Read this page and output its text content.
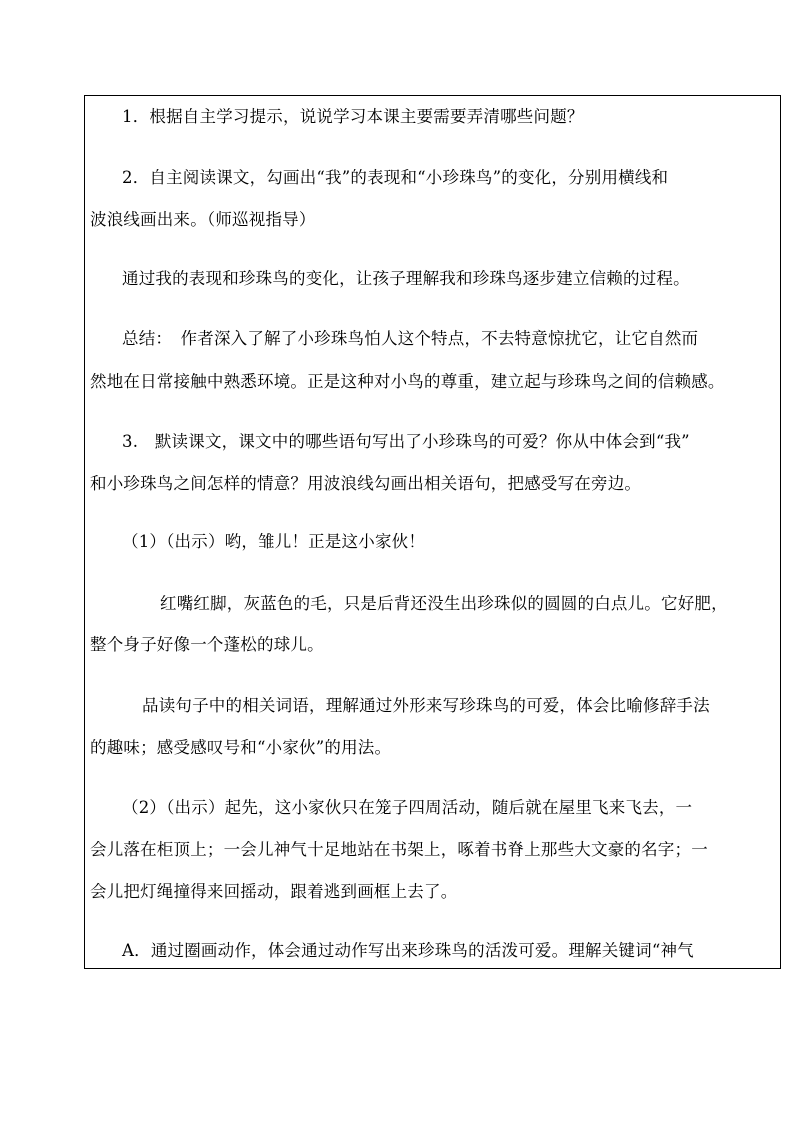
1．根据自主学习提示，说说学习本课主要需要弄清哪些问题？
2．自主阅读课文，勾画出“我”的表现和“小珍珠鸟”的变化，分别用横线和
波浪线画出来。（师巡视指导）
通过我的表现和珍珠鸟的变化，让孩子理解我和珍珠鸟逐步建立信赖的过程。
总结：　作者深入了解了小珍珠鸟怕人这个特点，不去特意惊扰它，让它自然而
然地在日常接触中熟悉环境。正是这种对小鸟的尊重，建立起与珍珠鸟之间的信赖感。
3.　默读课文，课文中的哪些语句写出了小珍珠鸟的可爱？你从中体会到“我”
和小珍珠鸟之间怎样的情意？用波浪线勾画出相关语句，把感受写在旁边。
（1）（出示）哟，雏儿！正是这小家伙！
红嘴红脚，灰蓝色的毛，只是后背还没生出珍珠似的圆圆的白点儿。它好肥，
整个身子好像一个蓬松的球儿。
品读句子中的相关词语，理解通过外形来写珍珠鸟的可爱，体会比喻修辞手法
的趣味；感受感叹号和“小家伙”的用法。
（2）（出示）起先，这小家伙只在笼子四周活动，随后就在屋里飞来飞去，一
会儿落在柜顶上；一会儿神气十足地站在书架上，啄着书脊上那些大文豪的名字；一
会儿把灯绳撞得来回摇动，跟着逃到画框上去了。
A．通过圈画动作，体会通过动作写出来珍珠鸟的活泼可爱。理解关键词“神气
